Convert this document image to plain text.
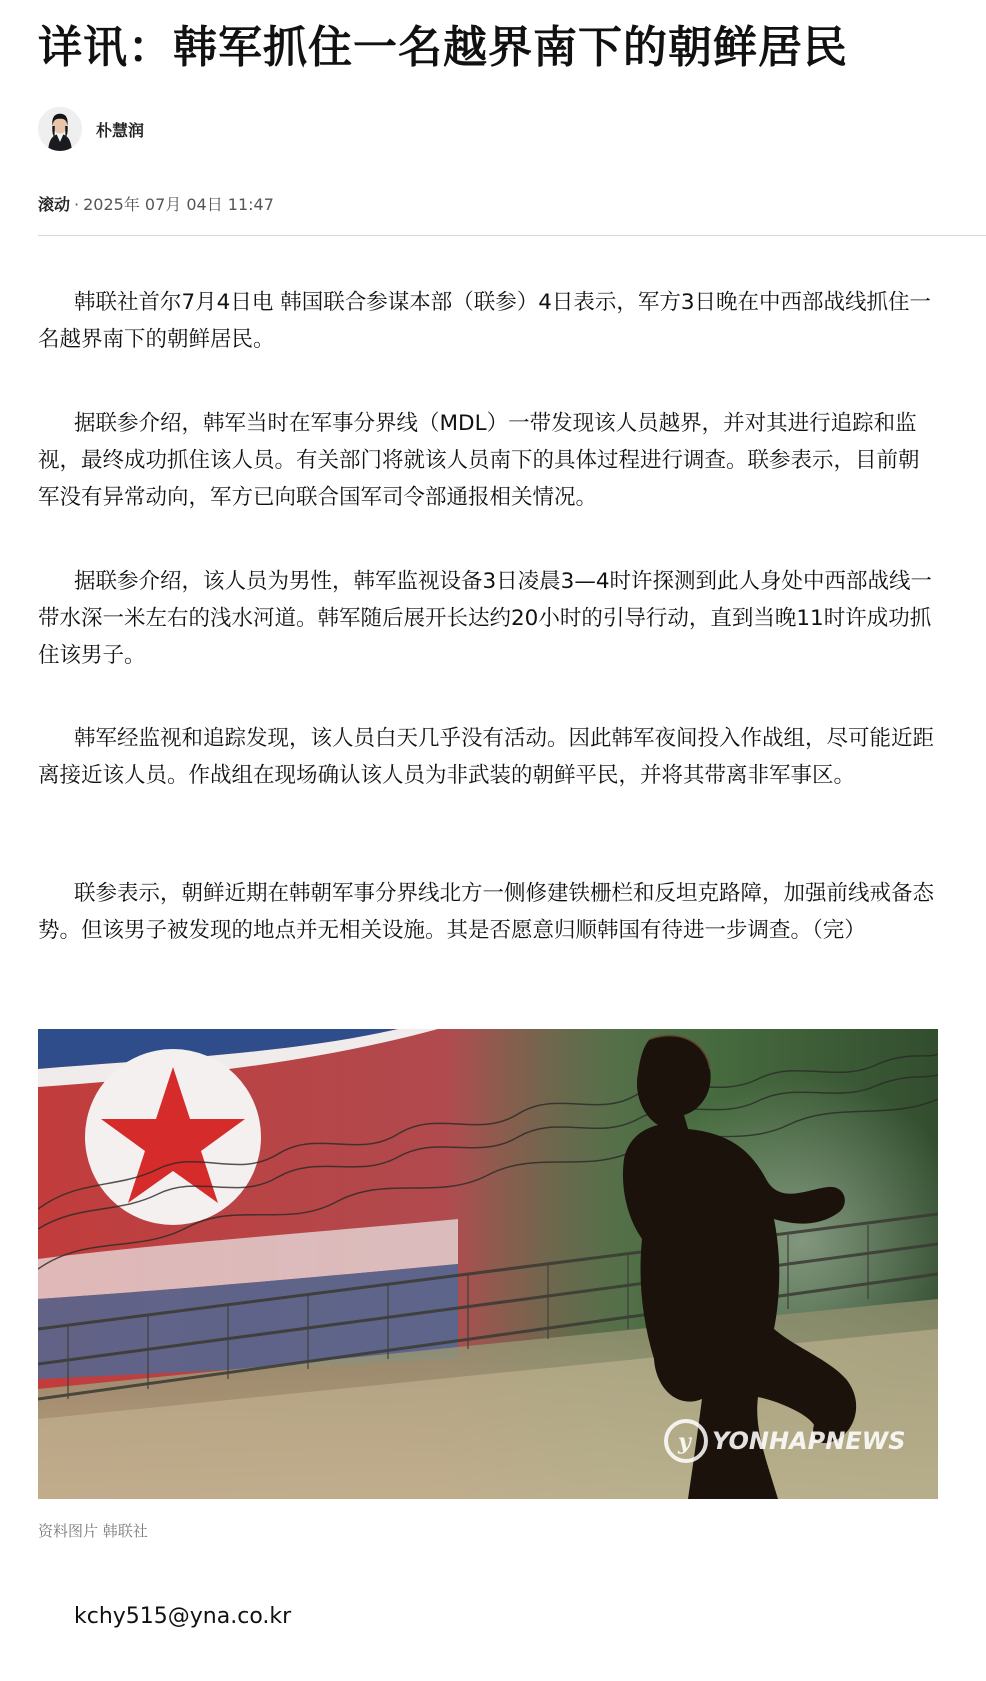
详讯：韩军抓住一名越界南下的朝鲜居民
朴慧润
滚动 · 2025年 07月 04日 11:47

韩联社首尔7月4日电 韩国联合参谋本部（联参）4日表示，军方3日晚在中西部战线抓住一名越界南下的朝鲜居民。

据联参介绍，韩军当时在军事分界线（MDL）一带发现该人员越界，并对其进行追踪和监视，最终成功抓住该人员。有关部门将就该人员南下的具体过程进行调查。联参表示，目前朝军没有异常动向，军方已向联合国军司令部通报相关情况。

据联参介绍，该人员为男性，韩军监视设备3日凌晨3—4时许探测到此人身处中西部战线一带水深一米左右的浅水河道。韩军随后展开长达约20小时的引导行动，直到当晚11时许成功抓住该男子。

韩军经监视和追踪发现，该人员白天几乎没有活动。因此韩军夜间投入作战组，尽可能近距离接近该人员。作战组在现场确认该人员为非武装的朝鲜平民，并将其带离非军事区。

联参表示，朝鲜近期在韩朝军事分界线北方一侧修建铁栅栏和反坦克路障，加强前线戒备态势。但该男子被发现的地点并无相关设施。其是否愿意归顺韩国有待进一步调查。（完）

y YONHAPNEWS
资料图片 韩联社
kchy515@yna.co.kr
